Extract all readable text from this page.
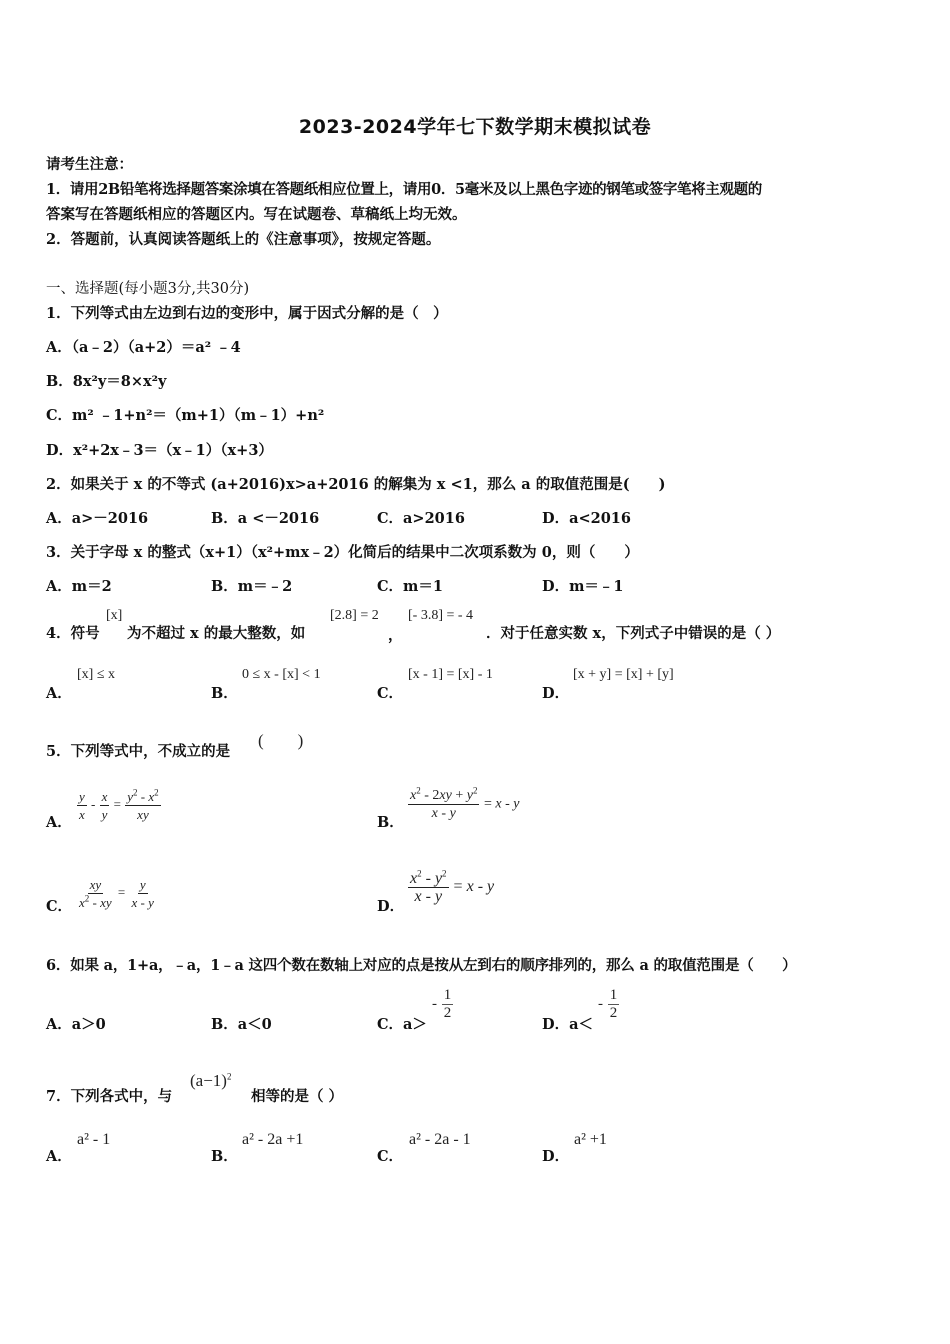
2023-2024学年七下数学期末模拟试卷
请考生注意：
1．请用2B铅笔将选择题答案涂填在答题纸相应位置上，请用0．5毫米及以上黑色字迹的钢笔或签字笔将主观题的
答案写在答题纸相应的答题区内。写在试题卷、草稿纸上均无效。
2．答题前，认真阅读答题纸上的《注意事项》，按规定答题。
一、选择题(每小题3分,共30分)
1．下列等式由左边到右边的变形中，属于因式分解的是（　）
A．（a﹣2）（a+2）＝a² ﹣4
B．8x²y＝8×x²y
C．m² ﹣1+n²＝（m+1）（m﹣1）+n²
D．x²+2x﹣3＝（x﹣1）（x+3）
2．如果关于 x 的不等式 (a+2016)x>a+2016 的解集为 x <1，那么 a 的取值范围是(　　)
A．a>－2016	B．a <－2016	C．a>2016	D．a<2016
3．关于字母 x 的整式（x+1）（x²+mx﹣2）化简后的结果中二次项系数为 0，则（　　）
A．m＝2	B．m＝﹣2	C．m＝1	D．m＝﹣1
4．符号
[x]
为不超过 x 的最大整数，如
[2.8] = 2
，
[- 3.8] = - 4
．对于任意实数 x，下列式子中错误的是（ ）
A．
[x] ≤ x
B．
0 ≤ x - [x] < 1
C．
[x - 1] = [x] - 1
D．
[x + y] = [x] + [y]
5．下列等式中，不成立的是
(　　)
A． $\frac{y}{x} - \frac{x}{y} = \frac{y^2 - x^2}{xy}$	B．
$\frac{x^2 - 2xy + y^2}{x - y} = x - y$
C． $\frac{xy}{x^2 - xy} = \frac{y}{x - y}$	D．
$\frac{x^2 - y^2}{x - y} = x - y$
6．如果 a，1+a，﹣a，1﹣a 这四个数在数轴上对应的点是按从左到右的顺序排列的，那么 a 的取值范围是（　　）
A．a＞0	B．a＜0	C．a＞
- $\frac{1}{2}$
D．a＜
- $\frac{1}{2}$
7．下列各式中，与
$(a-1)^2$
相等的是（ ）
A．
a² - 1
B．
a² - 2a +1
C．
a² - 2a - 1
D．
a² +1
